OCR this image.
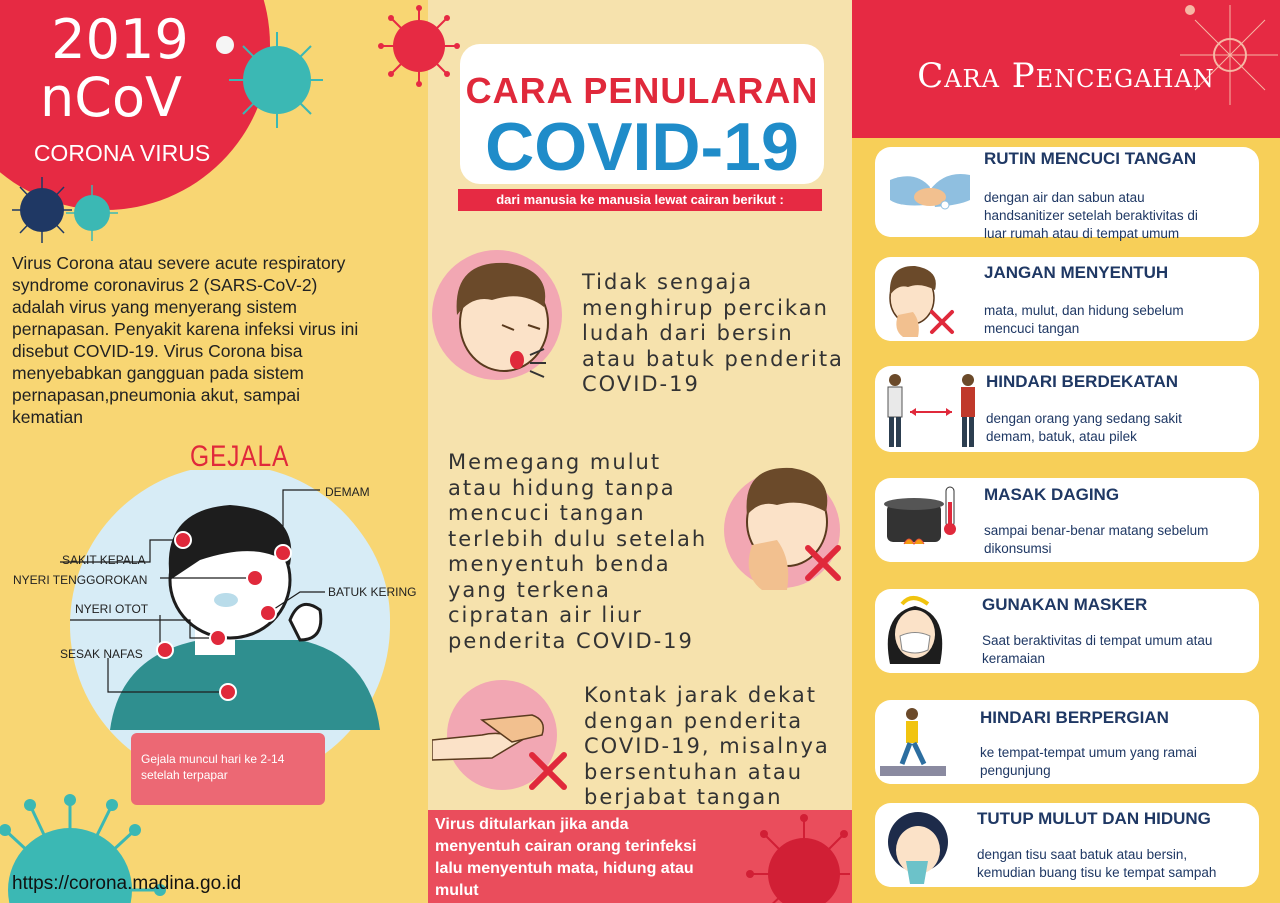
2019
nCoV
CORONA VIRUS
Virus Corona atau severe acute respiratory
syndrome coronavirus 2 (SARS-CoV-2)
adalah virus yang menyerang sistem
pernapasan. Penyakit karena infeksi virus ini
disebut COVID-19. Virus Corona bisa
menyebabkan gangguan pada sistem
pernapasan,pneumonia akut, sampai
kematian
GEJALA
DEMAM
SAKIT KEPALA
NYERI TENGGOROKAN
NYERI OTOT
SESAK NAFAS
BATUK KERING
Gejala muncul hari ke 2-14
setelah terpapar
https://corona.madina.go.id
CARA PENULARAN
COVID-19
dari manusia ke manusia lewat cairan berikut :
Tidak sengaja
menghirup percikan
ludah dari bersin
atau batuk penderita
COVID-19
Memegang mulut
atau hidung tanpa
mencuci tangan
terlebih dulu setelah
menyentuh benda
yang terkena
cipratan air liur
penderita COVID-19
Kontak jarak dekat
dengan penderita
COVID-19, misalnya
bersentuhan atau
berjabat tangan
Virus ditularkan jika anda
menyentuh cairan orang terinfeksi
lalu menyentuh mata, hidung atau
mulut
Cara Pencegahan
RUTIN MENCUCI TANGAN
dengan air dan sabun atau
handsanitizer setelah beraktivitas di
luar rumah atau di tempat umum
JANGAN MENYENTUH
mata, mulut, dan hidung sebelum
mencuci tangan
HINDARI BERDEKATAN
dengan orang yang sedang sakit
demam, batuk, atau pilek
MASAK DAGING
sampai benar-benar matang sebelum
dikonsumsi
GUNAKAN MASKER
Saat beraktivitas di tempat umum atau
keramaian
HINDARI BERPERGIAN
ke tempat-tempat umum yang ramai
pengunjung
TUTUP MULUT DAN HIDUNG
dengan tisu saat batuk atau bersin,
kemudian buang tisu ke tempat sampah
